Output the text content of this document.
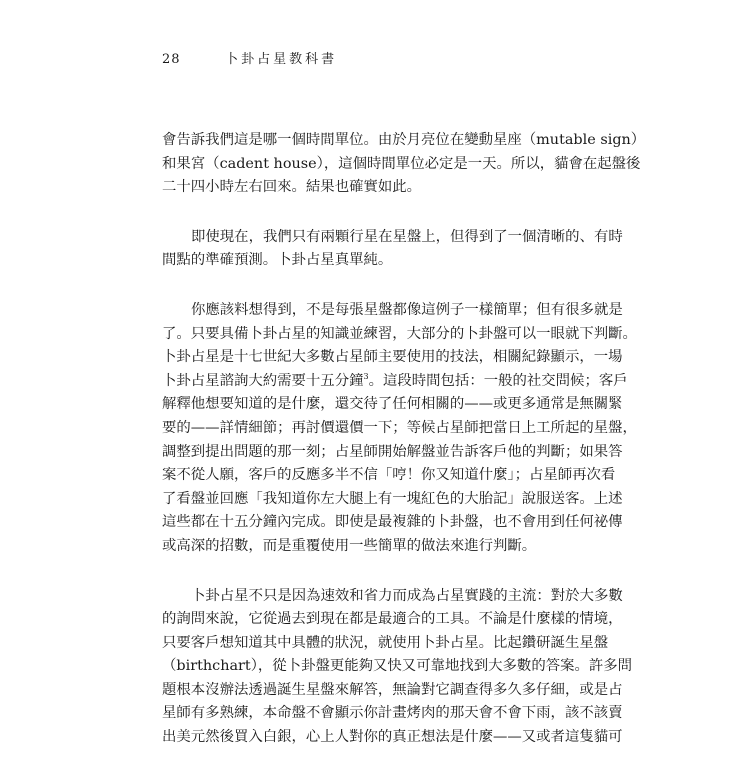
28	卜卦占星教科書
會告訴我們這是哪一個時間單位。由於月亮位在變動星座（mutable sign）
和果宮（cadent house），這個時間單位必定是一天。所以，貓會在起盤後
二十四小時左右回來。結果也確實如此。
即使現在，我們只有兩顆行星在星盤上，但得到了一個清晰的、有時
間點的準確預測。卜卦占星真單純。
你應該料想得到，不是每張星盤都像這例子一樣簡單；但有很多就是
了。只要具備卜卦占星的知識並練習，大部分的卜卦盤可以一眼就下判斷。
卜卦占星是十七世紀大多數占星師主要使用的技法，相關紀錄顯示，一場
卜卦占星諮詢大約需要十五分鐘$^3$。這段時間包括：一般的社交問候；客戶
解釋他想要知道的是什麼，還交待了任何相關的——或更多通常是無關緊
要的——詳情細節；再討價還價一下；等候占星師把當日上工所起的星盤，
調整到提出問題的那一刻；占星師開始解盤並告訴客戶他的判斷；如果答
案不從人願，客戶的反應多半不信「哼！你又知道什麼」；占星師再次看
了看盤並回應「我知道你左大腿上有一塊紅色的大胎記」說服送客。上述
這些都在十五分鐘內完成。即使是最複雜的卜卦盤，也不會用到任何祕傳
或高深的招數，而是重覆使用一些簡單的做法來進行判斷。
卜卦占星不只是因為速效和省力而成為占星實踐的主流：對於大多數
的詢問來說，它從過去到現在都是最適合的工具。不論是什麼樣的情境，
只要客戶想知道其中具體的狀況，就使用卜卦占星。比起鑽研誕生星盤
（birthchart），從卜卦盤更能夠又快又可靠地找到大多數的答案。許多問
題根本沒辦法透過誕生星盤來解答，無論對它調查得多久多仔細，或是占
星師有多熟練，本命盤不會顯示你計畫烤肉的那天會不會下雨，該不該賣
出美元然後買入白銀，心上人對你的真正想法是什麼——又或者這隻貓可
